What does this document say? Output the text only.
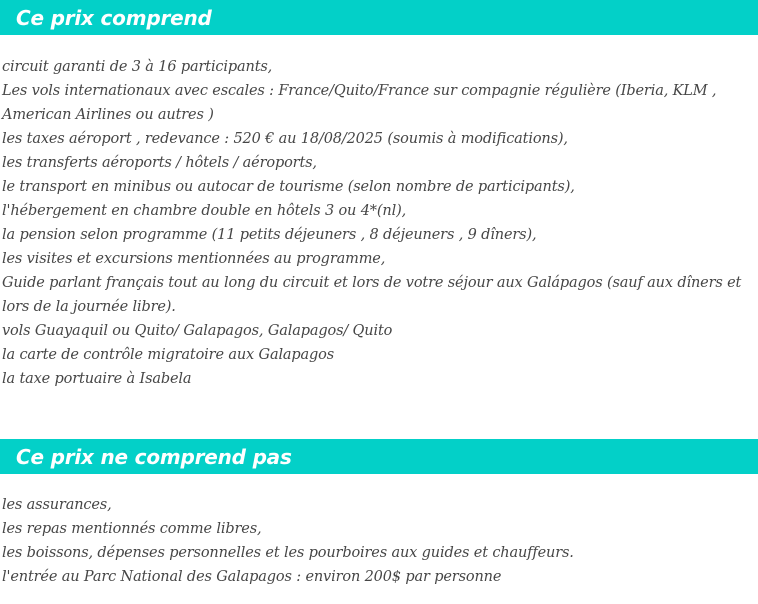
Ce prix comprend
circuit garanti de 3 à 16 participants,
Les vols internationaux avec escales : France/Quito/France sur compagnie régulière (Iberia, KLM , American Airlines ou autres )
les taxes aéroport , redevance : 520 € au 18/08/2025 (soumis à modifications),
les transferts aéroports / hôtels / aéroports,
le transport en minibus ou autocar de tourisme (selon nombre de participants),
l'hébergement en chambre double en hôtels 3 ou 4*(nl),
la pension selon programme (11 petits déjeuners , 8 déjeuners , 9 dîners),
les visites et excursions mentionnées au programme,
Guide parlant français tout au long du circuit et lors de votre séjour aux Galápagos (sauf aux dîners et lors de la journée libre).
vols Guayaquil ou Quito/ Galapagos, Galapagos/ Quito
la carte de contrôle migratoire aux Galapagos
la taxe portuaire à Isabela
Ce prix ne comprend pas
les assurances,
les repas mentionnés comme libres,
les boissons, dépenses personnelles et les pourboires aux guides et chauffeurs.
l'entrée au Parc National des Galapagos : environ 200$ par personne
